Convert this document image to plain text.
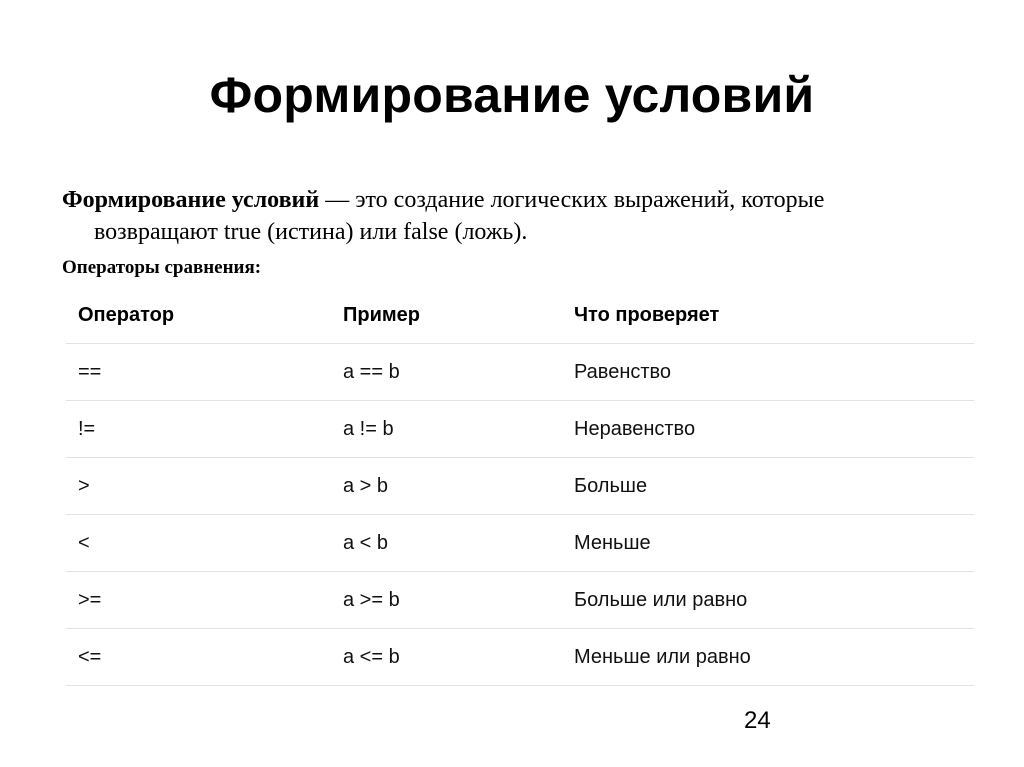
Формирование условий
Формирование условий — это создание логических выражений, которые
возвращают true (истина) или false (ложь).
Операторы сравнения:
Оператор	Пример	Что проверяет
==	a == b	Равенство
!=	a != b	Неравенство
>	a > b	Больше
<	a < b	Меньше
>=	a >= b	Больше или равно
<=	a <= b	Меньше или равно
24
